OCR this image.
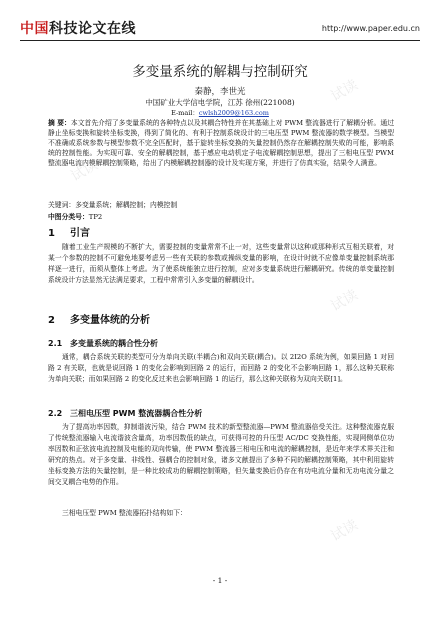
中国科技论文在线	http://www.paper.edu.cn
多变量系统的解耦与控制研究
秦静，李世光
中国矿业大学信电学院，江苏 徐州(221008)
E-mail：cwlsh2009@163.com
摘 要：本文首先介绍了多变量系统的各种特点以及其耦合特性并在其基础上对 PWM 整流器进行了解耦分析。通过静止坐标变换和旋转坐标变换，得到了简化的、有利于控制系统设计的三电压型 PWM 整流器的数学模型。当模型不准确或系统参数与模型参数不完全匹配时，基于旋转坐标变换的矢量控制仍然存在解耦控制失败的可能，影响系统的控制性能。为实现可靠、安全的解耦控制，基于感应电动机定子电流解耦控制思想，提出了三相电压型 PWM 整流器电流内模解耦控制策略，给出了内模解耦控制器的设计及实现方案，并进行了仿真实验，结果令人满意。
关键词：多变量系统；解耦控制；内模控制
中图分类号：TP2
1 引言
随着工业生产规模的不断扩大，需要控制的变量常常不止一对，这些变量常以这种或那种形式互相关联着，对某一个参数的控制不可避免地要考虑另一些有关联的参数或操纵变量的影响，在设计时就不应像单变量控制系统那样逐一进行，而须从整体上考虑。为了使系统能独立进行控制，应对多变量系统进行解耦研究。传统的单变量控制系统设计方法显然无法满足要求，工程中常常引入多变量的解耦设计。
2 多变量体统的分析
2.1 多变量系统的耦合性分析
通常，耦合系统关联的类型可分为单向关联(半耦合)和双向关联(耦合)。以 2I2O 系统为例，如果回路 1 对回路 2 有关联，也就是说回路 1 的变化会影响到回路 2 的运行，而回路 2 的变化不会影响回路 1，那么这种关联称为单向关联；而如果回路 2 的变化反过来也会影响回路 1 的运行，那么这种关联称为双向关联[1]。
2.2 三相电压型 PWM 整流器耦合性分析
为了提高功率因数，抑制谐波污染，结合 PWM 技术的新型整流器—PWM 整流器倍受关注。这种整流器克服了传统整流器输入电流谐波含量高，功率因数低的缺点，可获得可控的升压型 AC/DC 变换性能，实现网侧单位功率因数和正弦波电流控制及电能的双向传输，使 PWM 整流器三相电压和电流的解耦控制，是近年来学术界关注和研究的热点。对于多变量、非线性、强耦合的控制对象，诸多文献提出了多种不同的解耦控制策略，其中利用旋转坐标变换方法的矢量控制，是一种比较成功的解耦控制策略，但矢量变换后仍存在有功电流分量和无功电流分量之间交叉耦合电势的作用。
三相电压型 PWM 整流器拓扑结构如下：
- 1 -
试读
试读
试读
试读
试读
